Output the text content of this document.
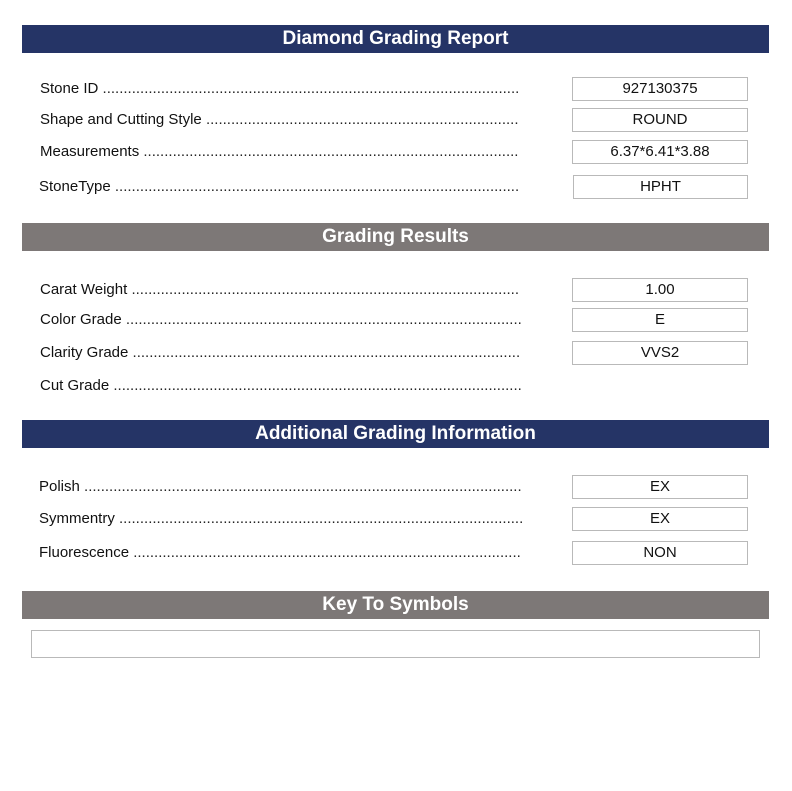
Diamond Grading Report
Grading Results
Additional Grading Information
Key To Symbols
Stone ID .....	927130375
Shape and Cutting Style .....	ROUND
Measurements .....	6.37*6.41*3.88
StoneType .....	HPHT
Carat Weight .....	1.00
Color Grade .....	E
Clarity Grade .....	VVS2
Cut Grade .....
Polish .....	EX
Symmentry .....	EX
Fluorescence .....	NON
